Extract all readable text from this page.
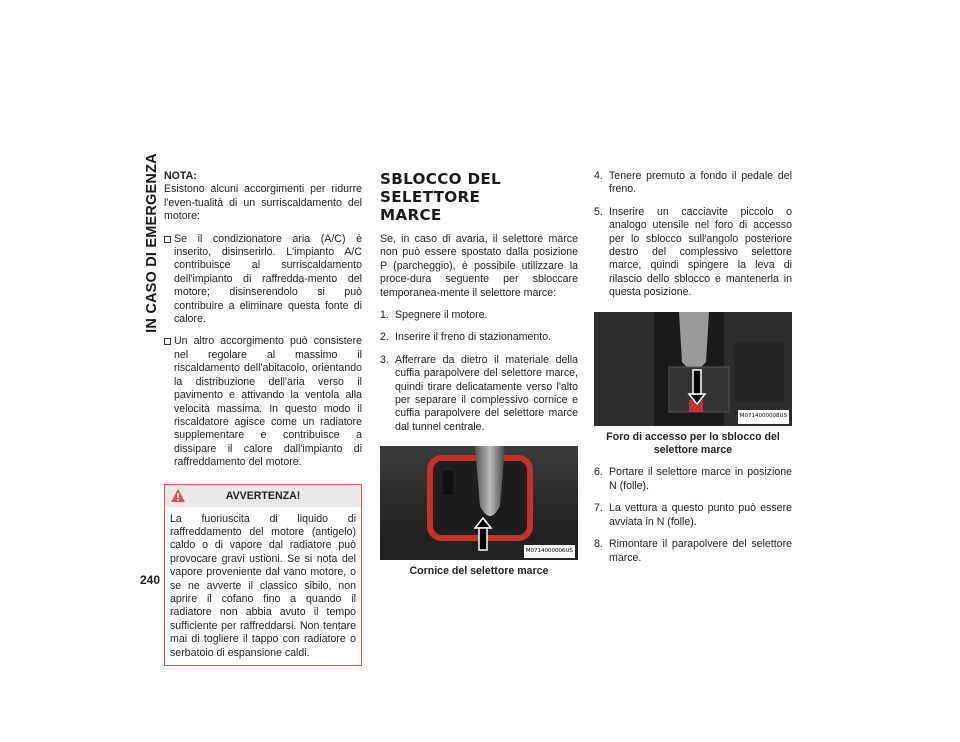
IN CASO DI EMERGENZA
240
NOTA:

Esistono alcuni accorgimenti per ridurre l'even-tualità di un surriscaldamento del motore:

Se il condizionatore aria (A/C) è inserito, disinserirlo. L'impianto A/C contribuisce al surriscaldamento dell'impianto di raffredda-mento del motore; disinserendolo si può contribuire a eliminare questa fonte di calore.
Un altro accorgimento può consistere nel regolare al massimo il riscaldamento dell'abitacolo, orientando la distribuzione dell'aria verso il pavimento e attivando la ventola alla velocità massima. In questo modo il riscaldatore agisce come un radiatore supplementare e contribuisce a dissipare il calore dall'impianto di raffreddamento del motore.
AVVERTENZA!
La fuoriuscita di liquido di raffreddamento del motore (antigelo) caldo o di vapore dal radiatore può provocare gravi ustioni. Se si nota del vapore proveniente dal vano motore, o se ne avverte il classico sibilo, non aprire il cofano fino a quando il radiatore non abbia avuto il tempo sufficiente per raffreddarsi. Non tentare mai di togliere il tappo con radiatore o serbatoio di espansione caldi.
SBLOCCO DEL SELETTORE
MARCE

Se, in caso di avaria, il selettore marce non può essere spostato dalla posizione P (parcheggio), è possibile utilizzare la proce-dura seguente per sbloccare temporanea-mente il selettore marce:

1. Spegnere il motore.
2. Inserire il freno di stazionamento.
3. Afferrare da dietro il materiale della cuffia parapolvere del selettore marce, quindi tirare delicatamente verso l'alto per separare il complessivo cornice e cuffia parapolvere del selettore marce dal tunnel centrale.
M0714000006US
Cornice del selettore marce
4. Tenere premuto a fondo il pedale del freno.
5. Inserire un cacciavite piccolo o analogo utensile nel foro di accesso per lo sblocco sull'angolo posteriore destro del complessivo selettore marce, quindi spingere la leva di rilascio dello sblocco e mantenerla in questa posizione.
M0714000008US
Foro di accesso per lo sblocco del selettore marce
6. Portare il selettore marce in posizione N (folle).
7. La vettura a questo punto può essere avviata in N (folle).
8. Rimontare il parapolvere del selettore marce.
